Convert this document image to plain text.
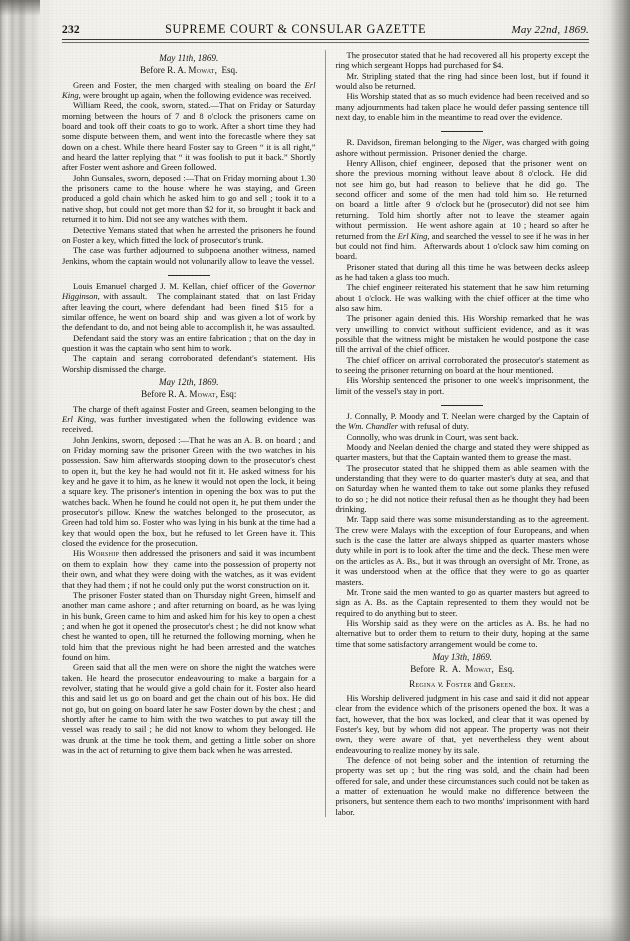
232	SUPREME COURT & CONSULAR GAZETTE	May 22nd, 1869.

May 11th, 1869.

Before R. A. Mowat,  Esq.

Green and Foster, the men charged with stealing on board the Erl King, were brought up again, when the following evidence was received.

William Reed, the cook, sworn, stated.—That on Friday or Saturday morning between the hours of 7 and 8 o'clock the prisoners came on board and took off their coats to go to work. After a short time they had some dispute between them, and went into the forecastle where they sat down on a chest. While there heard Foster say to Green “ it is all right,” and heard the latter replying that “ it was foolish to put it back.” Shortly after Foster went ashore and Green followed.

John Gunsales, sworn, deposed :—That on Friday morning about 1.30 the prisoners came to the house where he was staying, and Green produced a gold chain which he asked him to go and sell ; took it to a native shop, but could not get more than $2 for it, so brought it back and returned it to him. Did not see any watches with them.

Detective Yemans stated that when he arrested the prisoners he found on Foster a key, which fitted the lock of prosecutor's trunk.

The case was further adjourned to subpoena another witness, named Jenkins, whom the captain would not volunarily allow to leave the vessel.

Louis Emanuel charged J. M. Kellan, chief officer of the Governor Higginson, with assault.   The complainant stated  that  on last Friday after leaving the court, where  defendant  had  been  fined  $15  for  a  similar offence, he went on board  ship  and  was given a lot of work by the defendant to do, and not being able to accomplish it, he was assaulted.

Defendant said the story was an entire fabrication ; that on the day in question it was the captain who sent him to work.

The captain and serang corroborated defendant's statement. His Worship dismissed the charge.

May 12th, 1869.

Before R. A. Mowat, Esq:

The charge of theft against Foster and Green, seamen belonging to the Erl King, was further investigated when the following evidence was received.

John Jenkins, sworn, deposed :—That he was an A. B. on board ; and on Friday morning saw the prisoner Green with the two watches in his possession. Saw him afterwards stooping down to the prosecutor's chest to open it, but the key he had would not fit it. He asked witness for his key and he gave it to him, as he knew it would not open the lock, it being a square key. The prisoner's intention in opening the box was to put the watches back. When he found he could not open it, he put them under the prosecutor's pillow. Knew the watches belonged to the prosecutor, as Green had told him so. Foster who was lying in his bunk at the time had a key that would open the box, but he refused to let Green have it. This closed the evidence for the prosecution.

His Worship then addressed the prisoners and said it was incumbent on them to explain  how  they  came into the possession of property not their own, and what they were doing with the watches, as it was evident that they had them ; if not he could only put the worst construction on it.

The prisoner Foster stated than on Thursday night Green, himself and another man came ashore ; and after returning on board, as he was lying in his bunk, Green came to him and asked him for his key to open a chest ; and when he got it opened the prosecutor's chest ; he did not know what chest he wanted to open, till he returned the following morning, when he told him that the previous night he had been arrested and the watches found on him.

Green said that all the men were on shore the night the watches were taken. He heard the prosecutor endeavouring to make a bargain for a revolver, stating that he would give a gold chain for it. Foster also heard this and said let us go on board and get the chain out of his box. He did not go, but on going on board later he saw Foster down by the chest ; and shortly after he came to him with the two watches to put away till the vessel was ready to sail ; he did not know to whom they belonged. He was drunk at the time he took them, and getting a little sober on shore was in the act of returning to give them back when he was arrested.

The prosecutor stated that he had recovered all his property except the ring which sergeant Hopps had purchased for $4.

Mr. Stripling stated that the ring had since been lost, but if found it would also be returned.

His Worship stated that as so much evidence had been received and so many adjournments had taken place he would defer passing sentence till next day, to enable him in the meantime to read over the evidence.

R. Davidson, fireman belonging to the Niger, was charged with going ashore without permission.  Prisoner denied the  charge.

Henry Allison, chief  engineer,  deposed  that  the prisoner  went  on  shore  the  previous  morning  without  leave  about  8  o'clock.   He  did  not  see  him go, but  had  reason  to  believe  that  he  did  go.   The second  officer  and  some  of  the  men  had  told  him so.   He returned  on  board  a  little  after  9  o'clock but he (prosecutor) did not see  him returning.   Told him  shortly  after  not  to leave  the  steamer  again without  permission.   He went ashore again  at  10 ; heard so after he returned from the Erl King, and searched the vessel to see if he was in her but could not find him.   Afterwards about 1 o'clock saw him coming on board.

Prisoner stated that during all this time he was between decks asleep as he had taken a glass too much.

The chief engineer reiterated his statement that he saw him returning about 1 o'clock. He was walking with the chief officer at the time who also saw him.

The prisoner again denied this. His Worship remarked that he was very unwilling to convict without sufficient evidence, and as it was possible that the witness might be mistaken he would postpone the case till the arrival of the chief officer.

The chief officer on arrival corroborated the prosecutor's statement as to seeing the prisoner returning on board at the hour mentioned.

His Worship sentenced the prisoner to one week's imprisonment, the limit of the vessel's stay in port.

J. Connally, P. Moody and T. Neelan were charged by the Captain of the Wm. Chandler with refusal of duty.

Connolly, who was drunk in Court, was sent back.

Moody and Neelan denied the charge and stated they were shipped as quarter masters, but that the Captain wanted them to grease the mast.

The prosecutor stated that he shipped them as able seamen with the understanding that they were to do quarter master's duty at sea, and that on Saturday when he wanted them to take out some planks they refused to do so ; he did not notice their refusal then as he thought they had been drinking.

Mr. Tapp said there was some misunderstanding as to the agreement. The crew were Malays with the exception of four Europeans, and when such is the case the latter are always shipped as quarter masters whose duty while in port is to look after the time and the deck. These men were on the articles as A. Bs., but it was through an oversight of Mr. Trone, as it was understood when at the office that they were to go as quarter masters.

Mr. Trone said the men wanted to go as quarter masters but agreed to sign as A. Bs. as the Captain represented to them they would not be required to do anything but to steer.

His Worship said as they were on the articles as A. Bs. he had no alternative but to order them to return to their duty, hoping at the same time that some satisfactory arrangement would be come to.

May 13th, 1869.

Before  R.  A.  Mowat,  Esq.

Regina v. Foster and Green.

His Worship delivered judgment in his case and said it did not appear clear from the evidence which of the prisoners opened the box. It was a fact, however, that the box was locked, and clear that it was opened by Foster's key, but by whom did not appear. The property was not their own, they were aware of that, yet nevertheless they went about endeavouring to realize money by its sale.

The defence of not being sober and the intention of returning the property was set up ; but the ring was sold, and the chain had been offered for sale, and under these circumstances such could not be taken as a matter of extenuation he would make no difference between the prisoners, but sentence them each to two months' imprisonment with hard labor.
